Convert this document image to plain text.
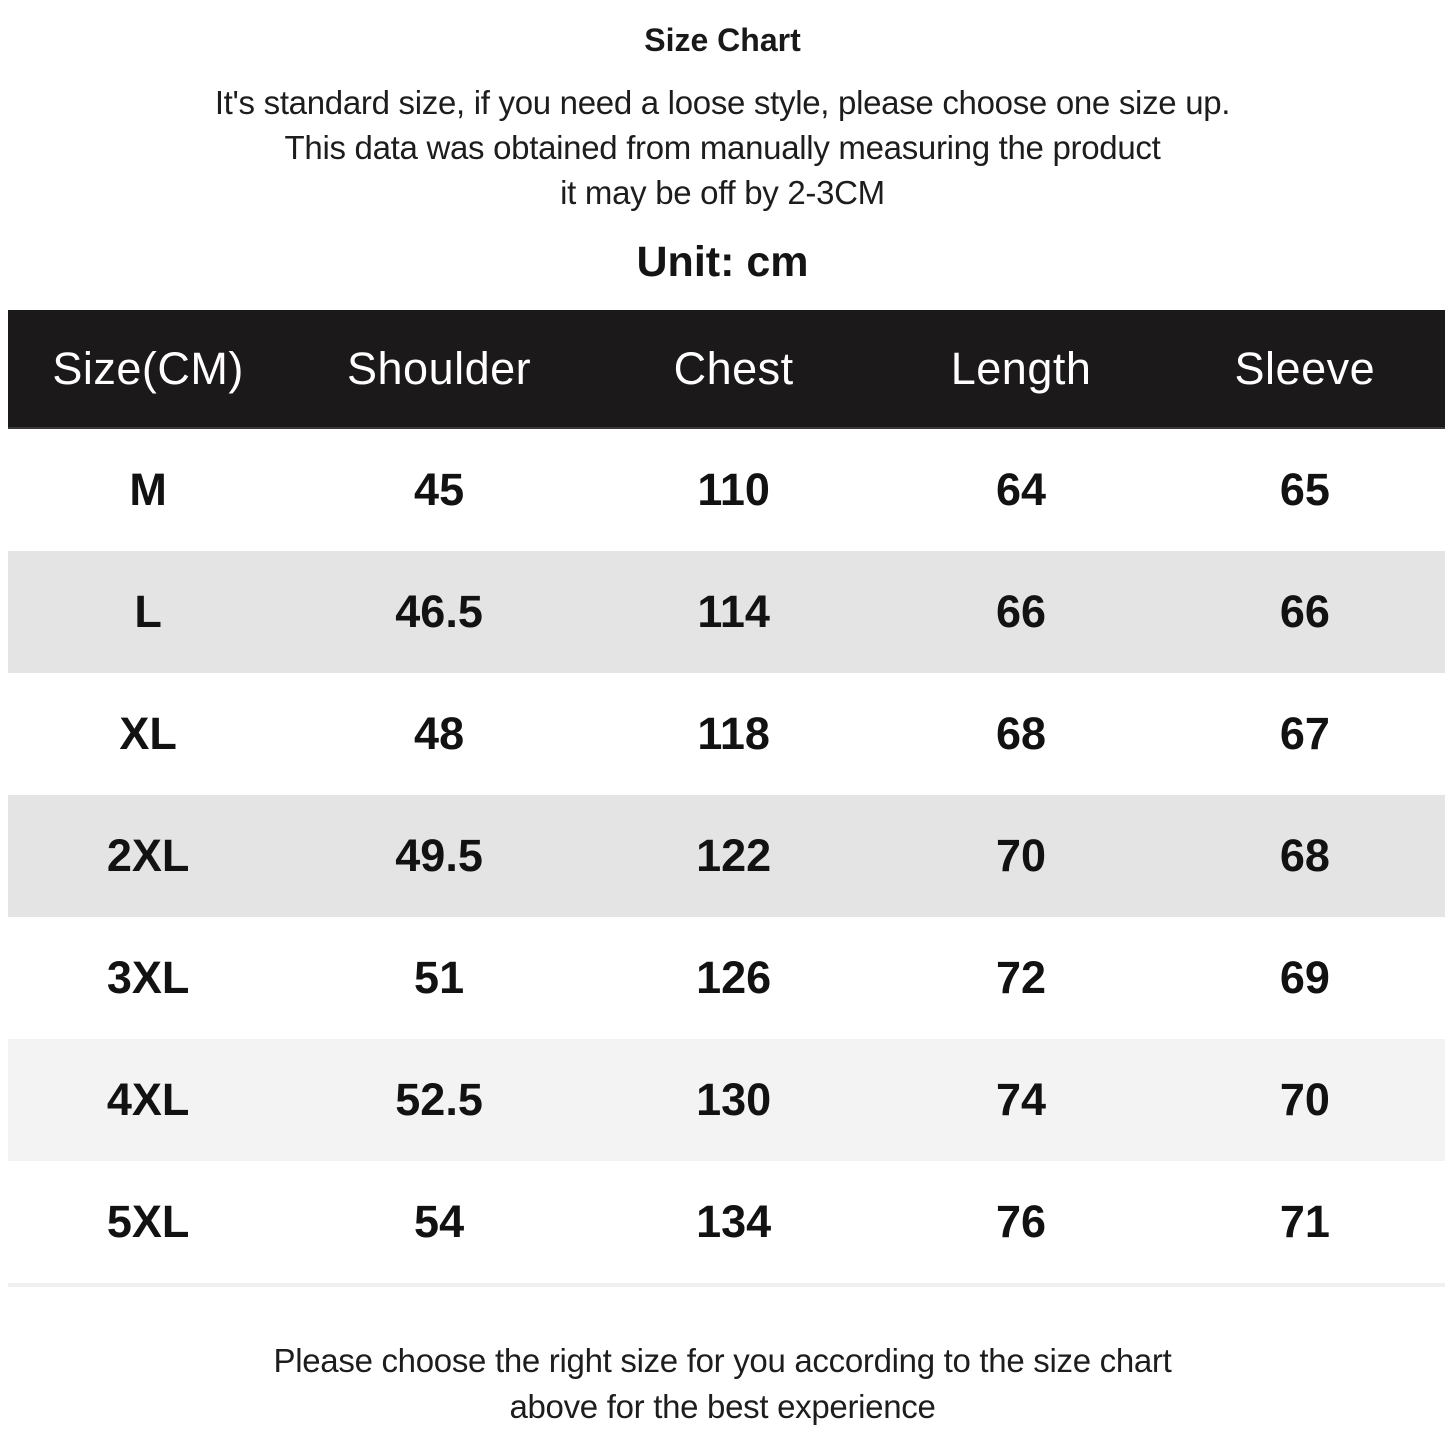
Size Chart
It's standard size, if you need a loose style, please choose one size up.
This data was obtained from manually measuring the product
it may be off by 2-3CM
Unit: cm
Size(CM)	Shoulder	Chest	Length	Sleeve
M	45	110	64	65
L	46.5	114	66	66
XL	48	118	68	67
2XL	49.5	122	70	68
3XL	51	126	72	69
4XL	52.5	130	74	70
5XL	54	134	76	71
Please choose the right size for you according to the size chart
above for the best experience
